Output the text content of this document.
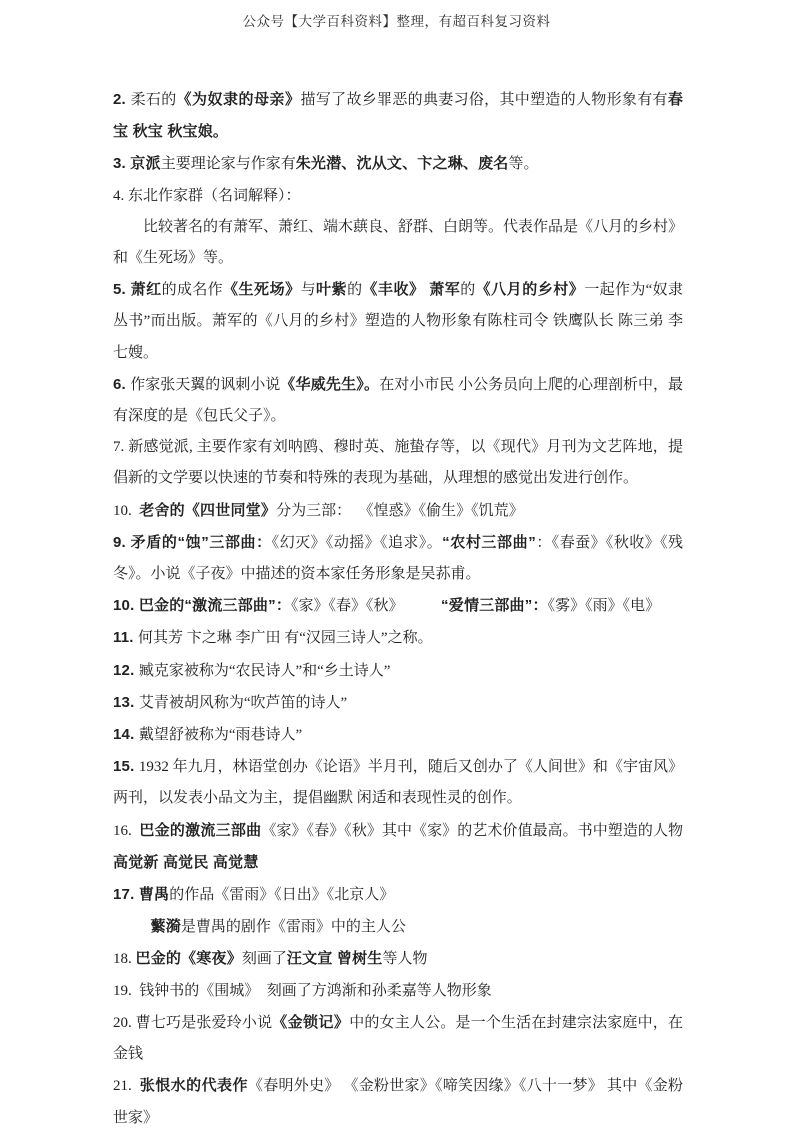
公众号【大学百科资料】整理，有超百科复习资料

2. 柔石的《为奴隶的母亲》描写了故乡罪恶的典妻习俗，其中塑造的人物形象有有春宝 秋宝 秋宝娘。

3. 京派主要理论家与作家有朱光潜、沈从文、卞之琳、废名等。

4. 东北作家群（名词解释）：

比较著名的有萧军、萧红、端木蕻良、舒群、白朗等。代表作品是《八月的乡村》和《生死场》等。

5. 萧红的成名作《生死场》与叶紫的《丰收》 萧军的《八月的乡村》一起作为“奴隶丛书”而出版。萧军的《八月的乡村》塑造的人物形象有陈柱司令 铁鹰队长 陈三弟 李七嫂。

6. 作家张天翼的讽刺小说《华威先生》。在对小市民 小公务员向上爬的心理剖析中，最有深度的是《包氏父子》。

7. 新感觉派, 主要作家有刘呐鸥、穆时英、施蛰存等，以《现代》月刊为文艺阵地，提倡新的文学要以快速的节奏和特殊的表现为基础，从理想的感觉出发进行创作。

10.  老舍的《四世同堂》分为三部：  《惶惑》《偷生》《饥荒》

9. 矛盾的“蚀”三部曲：《幻灭》《动摇》《追求》。“农村三部曲”：《春蚕》《秋收》《残冬》。小说《子夜》中描述的资本家任务形象是吴荪甫。

10. 巴金的“激流三部曲”：《家》《春》《秋》　　　“爱情三部曲”：《雾》《雨》《电》

11. 何其芳 卞之琳 李广田 有“汉园三诗人”之称。

12. 臧克家被称为“农民诗人”和“乡土诗人”

13. 艾青被胡风称为“吹芦笛的诗人”

14. 戴望舒被称为“雨巷诗人”

15. 1932 年九月，林语堂创办《论语》半月刊，随后又创办了《人间世》和《宇宙风》两刊，以发表小品文为主，提倡幽默 闲适和表现性灵的创作。

16.  巴金的激流三部曲《家》《春》《秋》其中《家》的艺术价值最高。书中塑造的人物 高觉新 高觉民 高觉慧

17. 曹禺的作品《雷雨》《日出》《北京人》

蘩漪是曹禺的剧作《雷雨》中的主人公

18. 巴金的《寒夜》刻画了汪文宣 曾树生等人物

19.  钱钟书的《围城》  刻画了方鸿渐和孙柔嘉等人物形象

20. 曹七巧是张爱玲小说《金锁记》中的女主人公。是一个生活在封建宗法家庭中，在金钱

21.  张恨水的代表作《春明外史》 《金粉世家》《啼笑因缘》《八十一梦》 其中《金粉世家》
